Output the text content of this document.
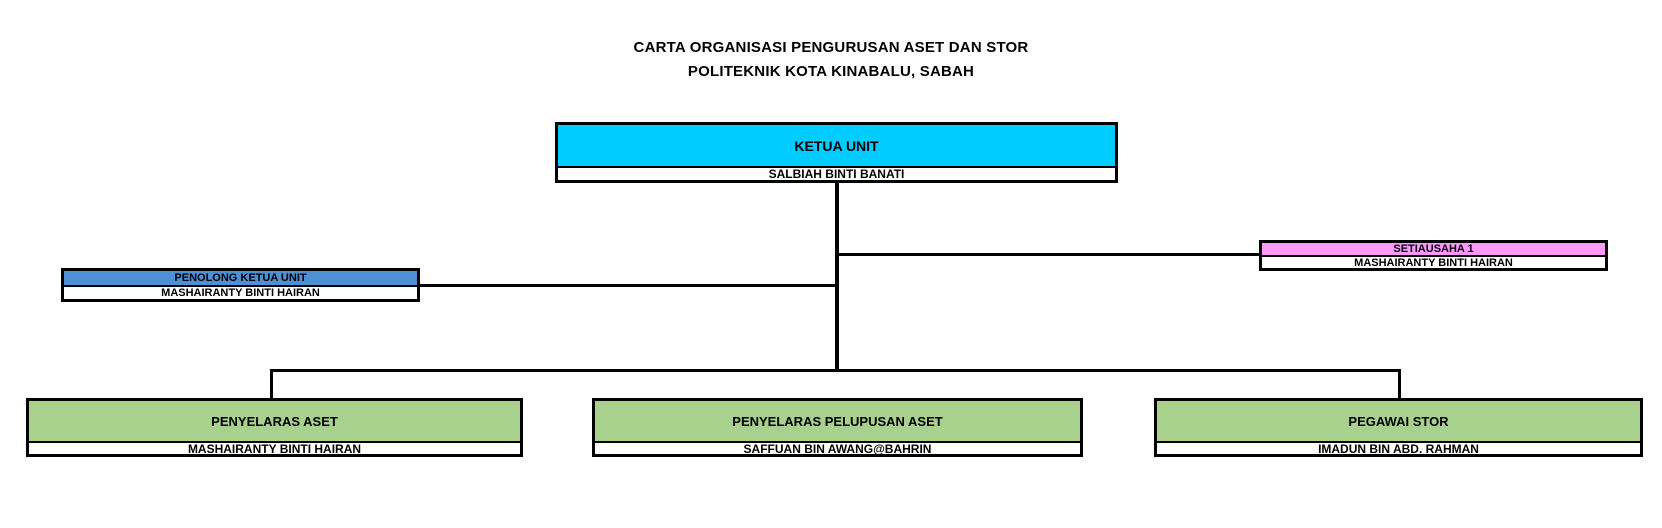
CARTA ORGANISASI PENGURUSAN ASET DAN STOR
POLITEKNIK KOTA KINABALU, SABAH
KETUA UNIT
SALBIAH BINTI BANATI
SETIAUSAHA 1
MASHAIRANTY BINTI HAIRAN
PENOLONG KETUA UNIT
MASHAIRANTY BINTI HAIRAN
PENYELARAS ASET
MASHAIRANTY BINTI HAIRAN
PENYELARAS PELUPUSAN ASET
SAFFUAN BIN AWANG@BAHRIN
PEGAWAI STOR
IMADUN BIN ABD. RAHMAN
